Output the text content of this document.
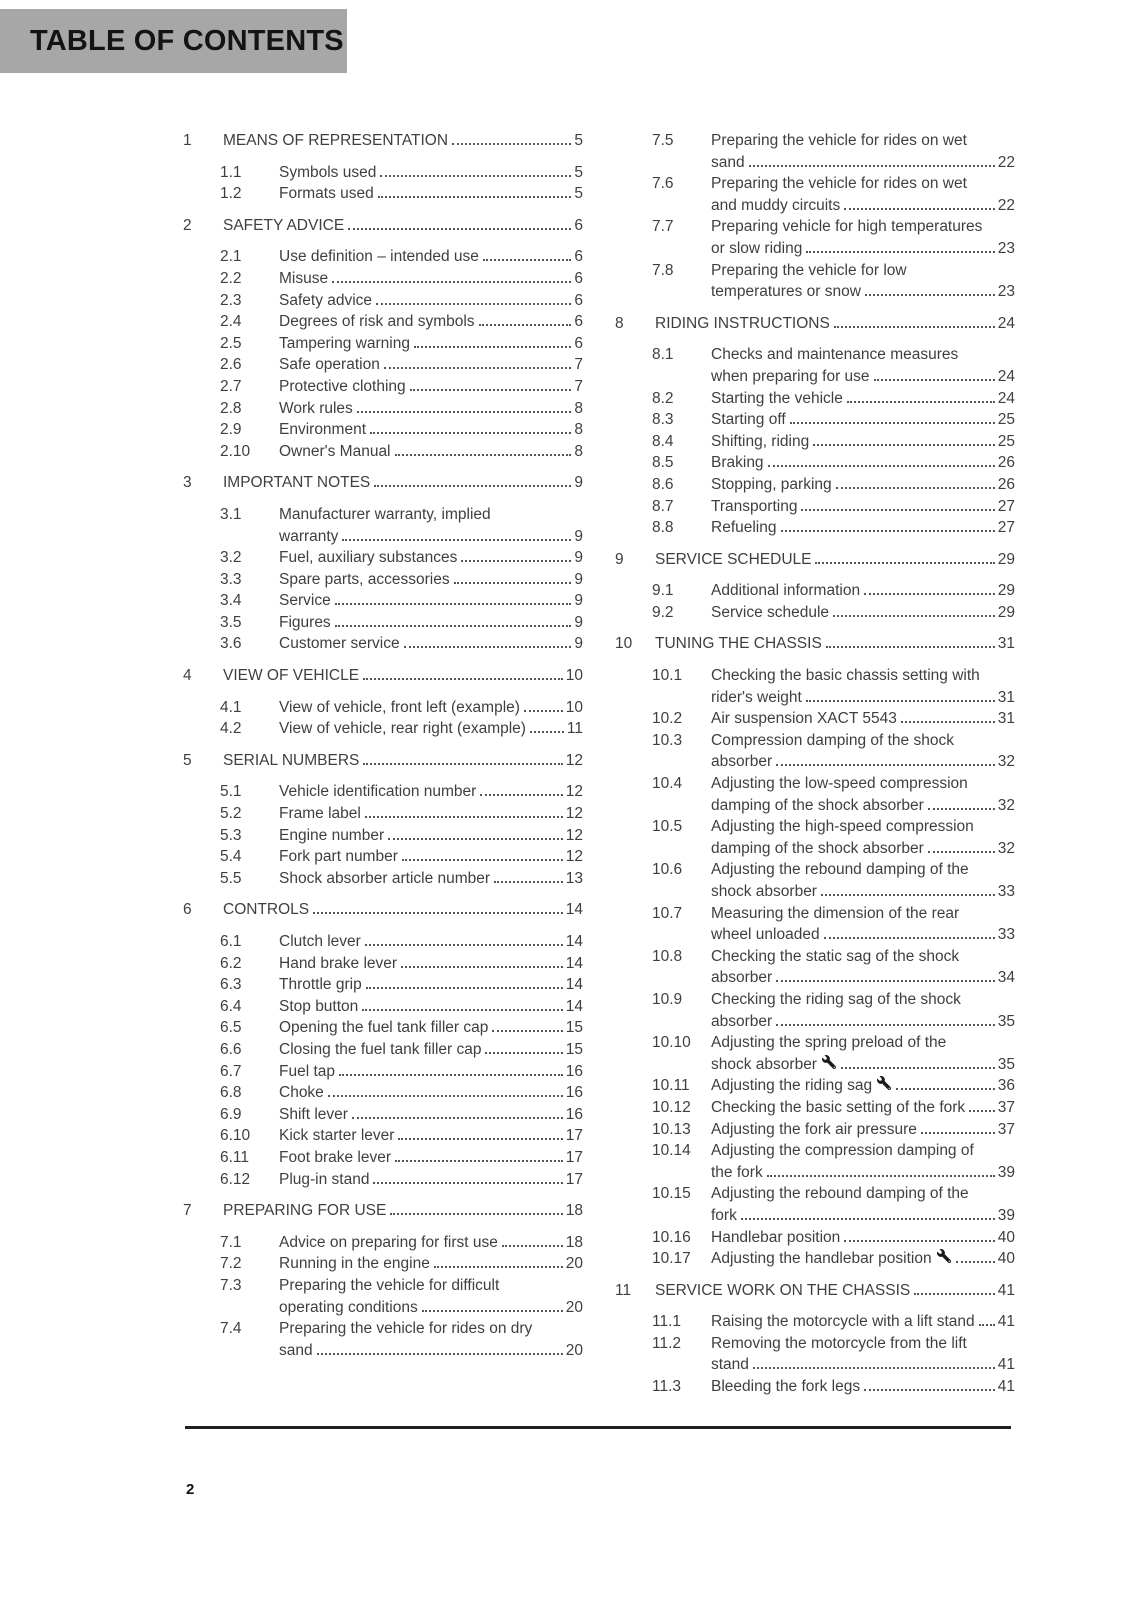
TABLE OF CONTENTS
1	MEANS OF REPRESENTATION	5
1.1	Symbols used	5
1.2	Formats used	5
2	SAFETY ADVICE	6
2.1	Use definition – intended use	6
2.2	Misuse	6
2.3	Safety advice	6
2.4	Degrees of risk and symbols	6
2.5	Tampering warning	6
2.6	Safe operation	7
2.7	Protective clothing	7
2.8	Work rules	8
2.9	Environment	8
2.10	Owner's Manual	8
3	IMPORTANT NOTES	9
3.1	Manufacturer warranty, implied
warranty	9
3.2	Fuel, auxiliary substances	9
3.3	Spare parts, accessories	9
3.4	Service	9
3.5	Figures	9
3.6	Customer service	9
4	VIEW OF VEHICLE	10
4.1	View of vehicle, front left (example)	10
4.2	View of vehicle, rear right (example)	11
5	SERIAL NUMBERS	12
5.1	Vehicle identification number	12
5.2	Frame label	12
5.3	Engine number	12
5.4	Fork part number	12
5.5	Shock absorber article number	13
6	CONTROLS	14
6.1	Clutch lever	14
6.2	Hand brake lever	14
6.3	Throttle grip	14
6.4	Stop button	14
6.5	Opening the fuel tank filler cap	15
6.6	Closing the fuel tank filler cap	15
6.7	Fuel tap	16
6.8	Choke	16
6.9	Shift lever	16
6.10	Kick starter lever	17
6.11	Foot brake lever	17
6.12	Plug-in stand	17
7	PREPARING FOR USE	18
7.1	Advice on preparing for first use	18
7.2	Running in the engine	20
7.3	Preparing the vehicle for difficult
operating conditions	20
7.4	Preparing the vehicle for rides on dry
sand	20
7.5	Preparing the vehicle for rides on wet
sand	22
7.6	Preparing the vehicle for rides on wet
and muddy circuits	22
7.7	Preparing vehicle for high temperatures
or slow riding	23
7.8	Preparing the vehicle for low
temperatures or snow	23
8	RIDING INSTRUCTIONS	24
8.1	Checks and maintenance measures
when preparing for use	24
8.2	Starting the vehicle	24
8.3	Starting off	25
8.4	Shifting, riding	25
8.5	Braking	26
8.6	Stopping, parking	26
8.7	Transporting	27
8.8	Refueling	27
9	SERVICE SCHEDULE	29
9.1	Additional information	29
9.2	Service schedule	29
10	TUNING THE CHASSIS	31
10.1	Checking the basic chassis setting with
rider's weight	31
10.2	Air suspension XACT 5543	31
10.3	Compression damping of the shock
absorber	32
10.4	Adjusting the low-speed compression
damping of the shock absorber	32
10.5	Adjusting the high-speed compression
damping of the shock absorber	32
10.6	Adjusting the rebound damping of the
shock absorber	33
10.7	Measuring the dimension of the rear
wheel unloaded	33
10.8	Checking the static sag of the shock
absorber	34
10.9	Checking the riding sag of the shock
absorber	35
10.10	Adjusting the spring preload of the
shock absorber	35
10.11	Adjusting the riding sag	36
10.12	Checking the basic setting of the fork 37
10.13	Adjusting the fork air pressure	37
10.14	Adjusting the compression damping of
the fork	39
10.15	Adjusting the rebound damping of the
fork	39
10.16	Handlebar position	40
10.17	Adjusting the handlebar position	40
11	SERVICE WORK ON THE CHASSIS	41
11.1	Raising the motorcycle with a lift stand 41
11.2	Removing the motorcycle from the lift
stand	41
11.3	Bleeding the fork legs	41
2
